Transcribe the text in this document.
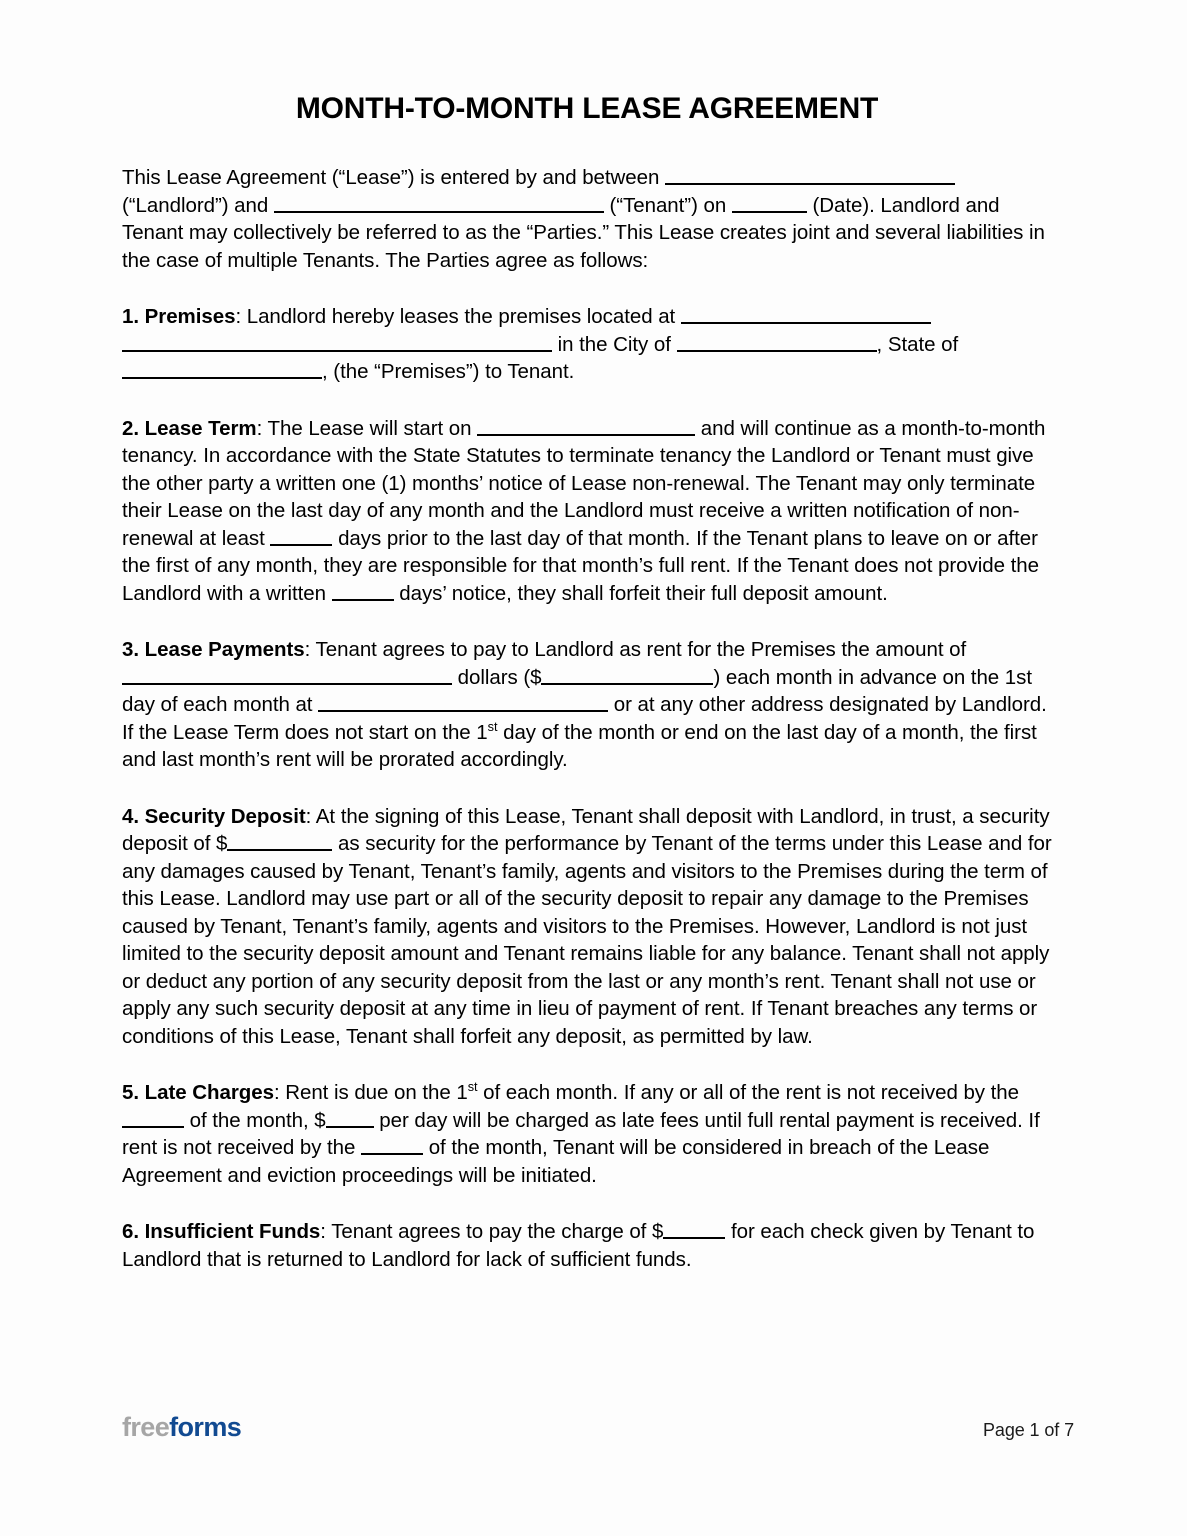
MONTH-TO-MONTH LEASE AGREEMENT

This Lease Agreement (“Lease”) is entered by and between  (“Landlord”) and	(“Tenant”) on	(Date). Landlord and Tenant may collectively be referred to as the “Parties.” This Lease creates joint and several liabilities in the case of multiple Tenants. The Parties agree as follows:

1. Premises: Landlord hereby leases the premises located at   in the City of	, State of , (the “Premises”) to Tenant.

2. Lease Term: The Lease will start on	and will continue as a month-to-month tenancy. In accordance with the State Statutes to terminate tenancy the Landlord or Tenant must give the other party a written one (1) months’ notice of Lease non-renewal. The Tenant may only terminate their Lease on the last day of any month and the Landlord must receive a written notification of non-renewal at least	days prior to the last day of that month. If the Tenant plans to leave on or after the first of any month, they are responsible for that month’s full rent. If the Tenant does not provide the Landlord with a written	days’ notice, they shall forfeit their full deposit amount.

3. Lease Payments: Tenant agrees to pay to Landlord as rent for the Premises the amount of  dollars ($	) each month in advance on the 1st day of each month at	or at any other address designated by Landlord. If the Lease Term does not start on the 1st day of the month or end on the last day of a month, the first and last month’s rent will be prorated accordingly.

4. Security Deposit: At the signing of this Lease, Tenant shall deposit with Landlord, in trust, a security deposit of $	as security for the performance by Tenant of the terms under this Lease and for any damages caused by Tenant, Tenant’s family, agents and visitors to the Premises during the term of this Lease. Landlord may use part or all of the security deposit to repair any damage to the Premises caused by Tenant, Tenant’s family, agents and visitors to the Premises. However, Landlord is not just limited to the security deposit amount and Tenant remains liable for any balance. Tenant shall not apply or deduct any portion of any security deposit from the last or any month’s rent. Tenant shall not use or apply any such security deposit at any time in lieu of payment of rent. If Tenant breaches any terms or conditions of this Lease, Tenant shall forfeit any deposit, as permitted by law.

5. Late Charges: Rent is due on the 1st of each month. If any or all of the rent is not received by the  of the month, $ per day will be charged as late fees until full rental payment is received. If rent is not received by the	of the month, Tenant will be considered in breach of the Lease Agreement and eviction proceedings will be initiated.

6. Insufficient Funds: Tenant agrees to pay the charge of $	for each check given by Tenant to Landlord that is returned to Landlord for lack of sufficient funds.

freeforms	Page 1 of 7
